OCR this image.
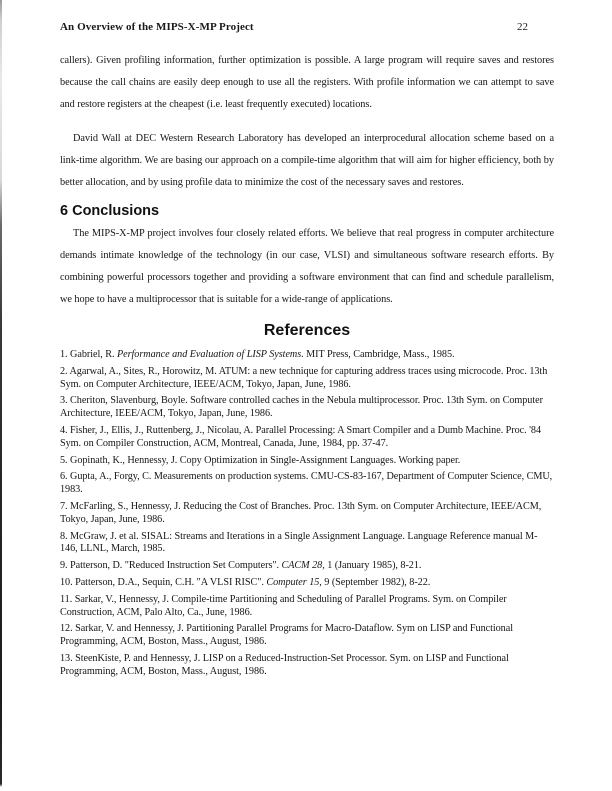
An Overview of the MIPS-X-MP Project	22

callers). Given profiling information, further optimization is possible. A large program will require saves and restores because the call chains are easily deep enough to use all the registers. With profile information we can attempt to save and restore registers at the cheapest (i.e. least frequently executed) locations.

David Wall at DEC Western Research Laboratory has developed an interprocedural allocation scheme based on a link-time algorithm. We are basing our approach on a compile-time algorithm that will aim for higher efficiency, both by better allocation, and by using profile data to minimize the cost of the necessary saves and restores.

6 Conclusions

The MIPS-X-MP project involves four closely related efforts. We believe that real progress in computer architecture demands intimate knowledge of the technology (in our case, VLSI) and simultaneous software research efforts. By combining powerful processors together and providing a software environment that can find and schedule parallelism, we hope to have a multiprocessor that is suitable for a wide-range of applications.

References

1. Gabriel, R. Performance and Evaluation of LISP Systems. MIT Press, Cambridge, Mass., 1985.

2. Agarwal, A., Sites, R., Horowitz, M. ATUM: a new technique for capturing address traces using microcode. Proc. 13th Sym. on Computer Architecture, IEEE/ACM, Tokyo, Japan, June, 1986.

3. Cheriton, Slavenburg, Boyle. Software controlled caches in the Nebula multiprocessor. Proc. 13th Sym. on Computer Architecture, IEEE/ACM, Tokyo, Japan, June, 1986.

4. Fisher, J., Ellis, J., Ruttenberg, J., Nicolau, A. Parallel Processing: A Smart Compiler and a Dumb Machine. Proc. '84 Sym. on Compiler Construction, ACM, Montreal, Canada, June, 1984, pp. 37-47.

5. Gopinath, K., Hennessy, J. Copy Optimization in Single-Assignment Languages. Working paper.

6. Gupta, A., Forgy, C. Measurements on production systems. CMU-CS-83-167, Department of Computer Science, CMU, 1983.

7. McFarling, S., Hennessy, J. Reducing the Cost of Branches. Proc. 13th Sym. on Computer Architecture, IEEE/ACM, Tokyo, Japan, June, 1986.

8. McGraw, J. et al. SISAL: Streams and Iterations in a Single Assignment Language. Language Reference manual M-146, LLNL, March, 1985.

9. Patterson, D. "Reduced Instruction Set Computers". CACM 28, 1 (January 1985), 8-21.

10. Patterson, D.A., Sequin, C.H. "A VLSI RISC". Computer 15, 9 (September 1982), 8-22.

11. Sarkar, V., Hennessy, J. Compile-time Partitioning and Scheduling of Parallel Programs. Sym. on Compiler Construction, ACM, Palo Alto, Ca., June, 1986.

12. Sarkar, V. and Hennessy, J. Partitioning Parallel Programs for Macro-Dataflow. Sym on LISP and Functional Programming, ACM, Boston, Mass., August, 1986.

13. SteenKiste, P. and Hennessy, J. LISP on a Reduced-Instruction-Set Processor. Sym. on LISP and Functional Programming, ACM, Boston, Mass., August, 1986.
